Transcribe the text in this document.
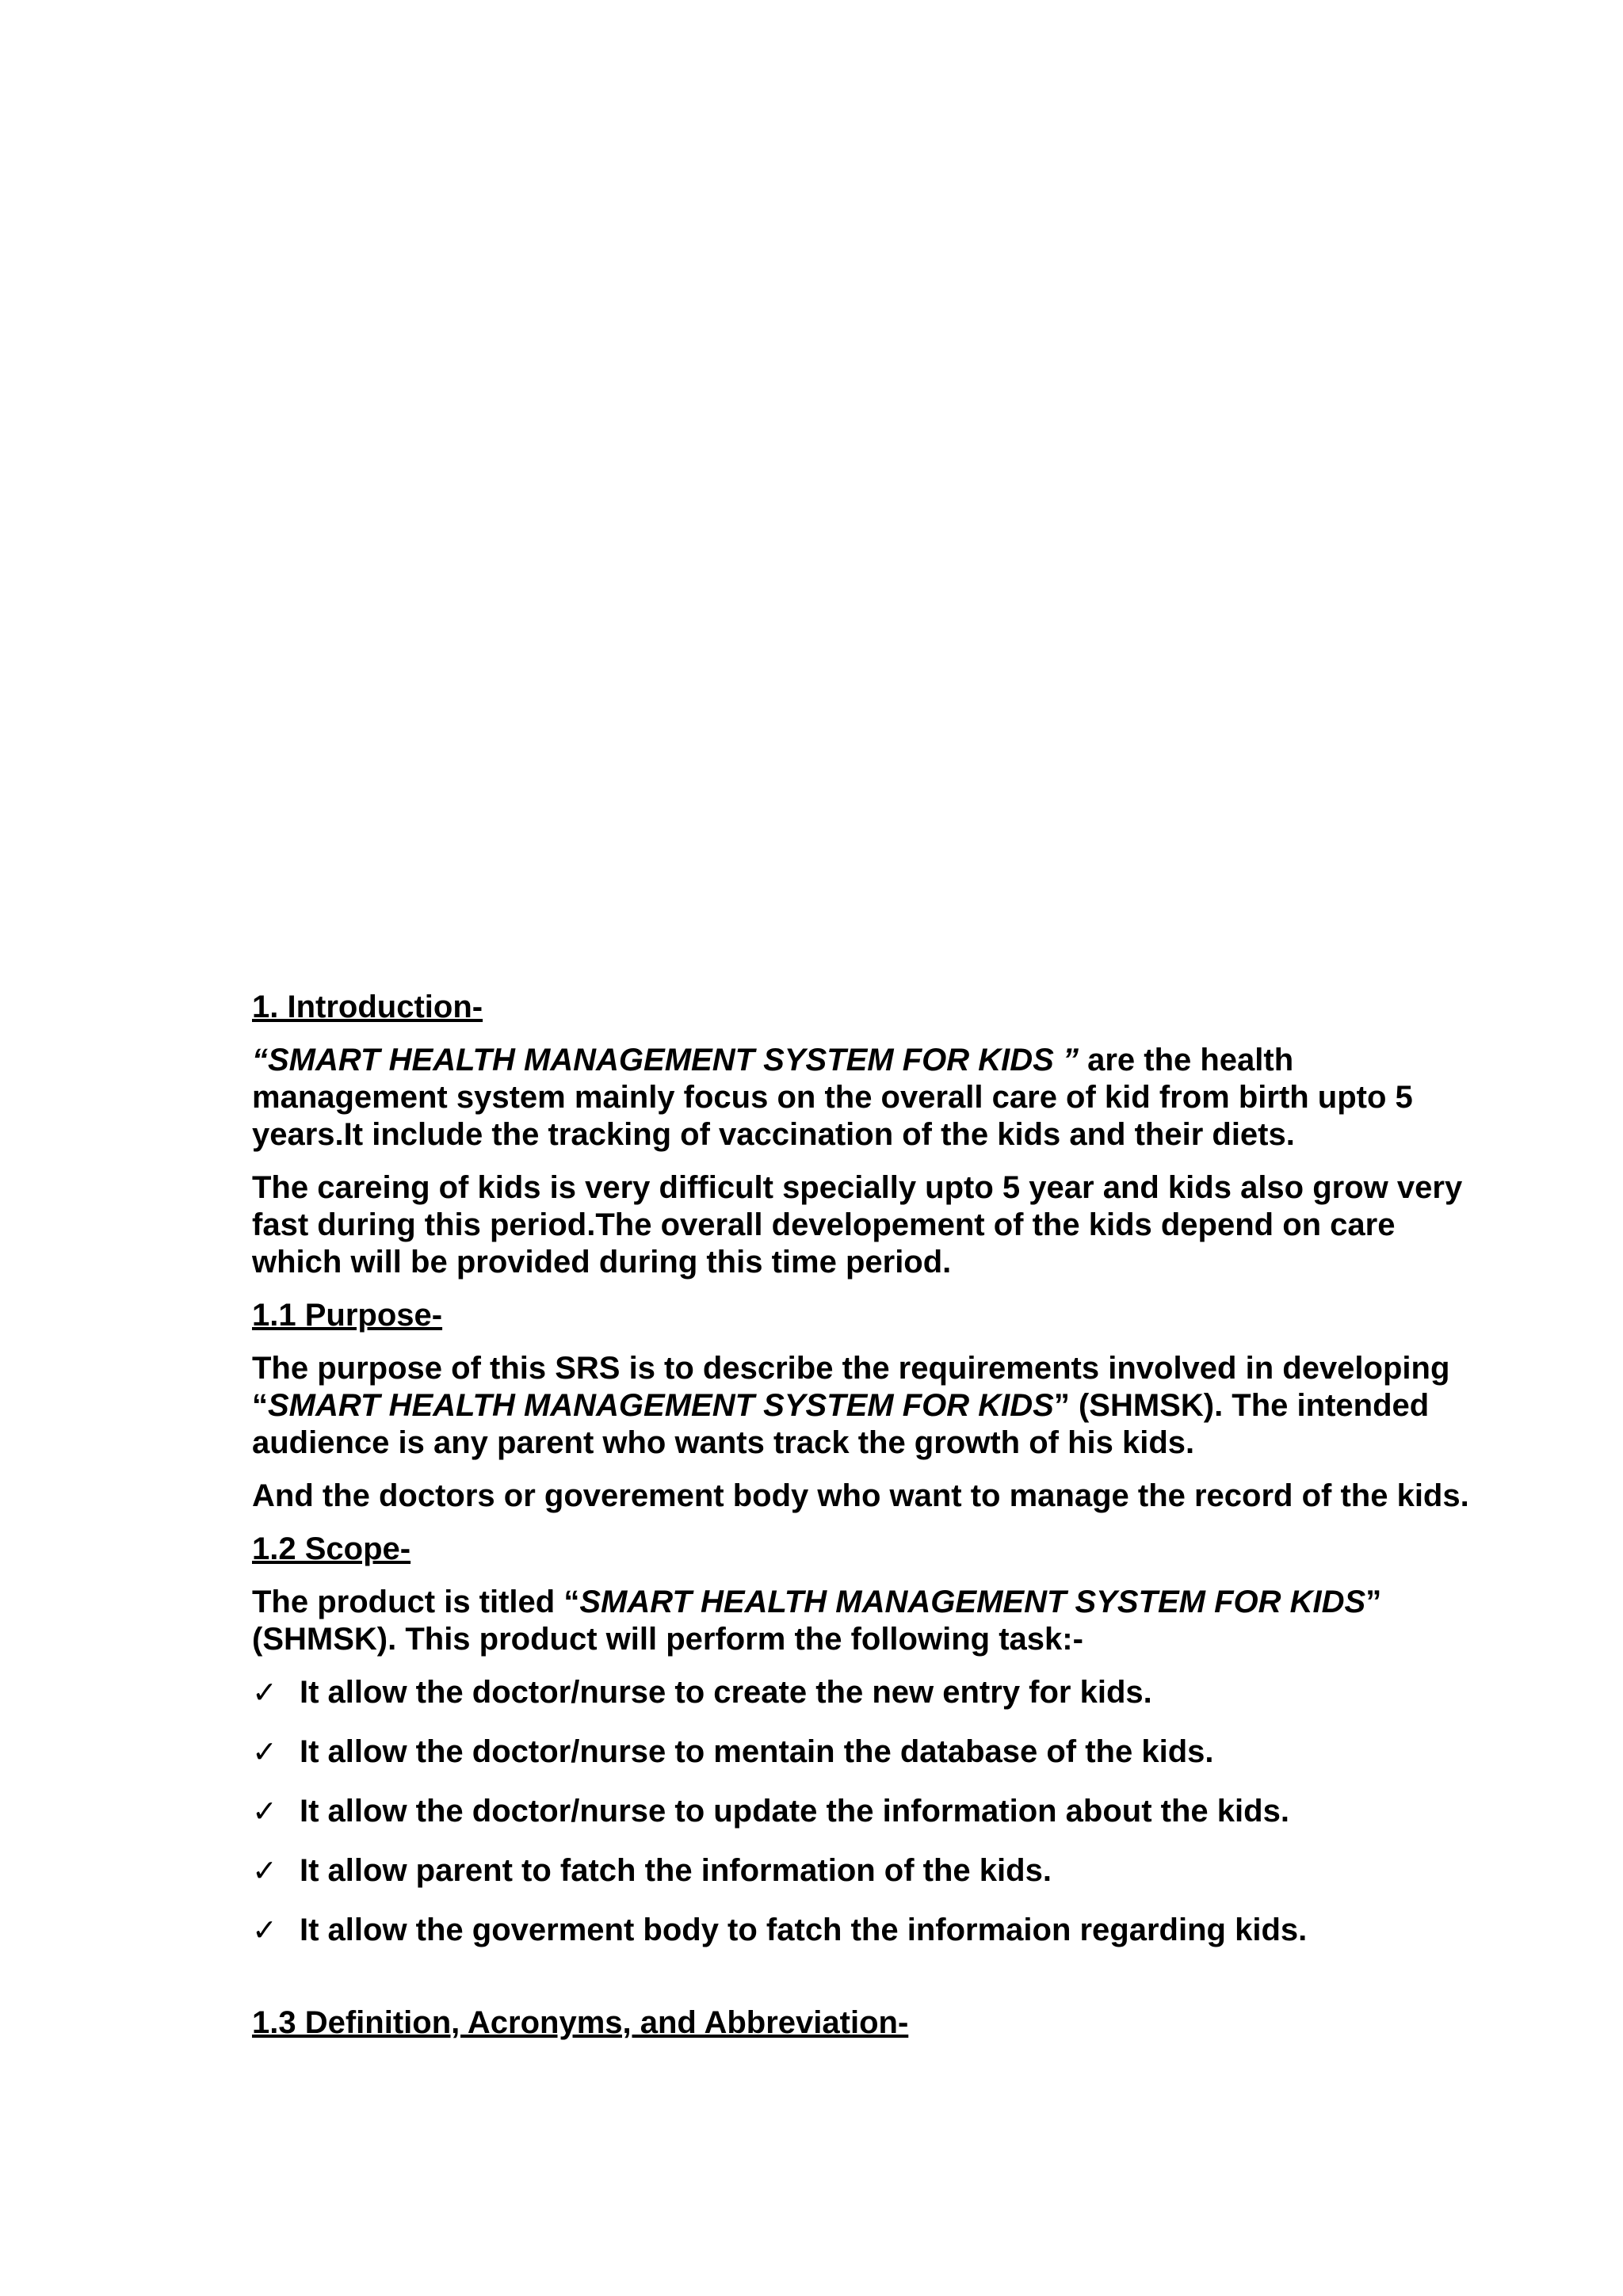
1. Introduction-

“SMART HEALTH MANAGEMENT SYSTEM FOR KIDS ” are the health management system mainly focus on the overall care of kid from birth upto 5 years.It include the tracking of vaccination of the kids and their diets.

The careing of kids is very difficult specially upto 5 year and kids also grow very fast during this period.The overall developement of the kids depend on care which will be provided during this time period.

1.1 Purpose-

The purpose of this SRS is to describe the requirements involved in developing “SMART HEALTH MANAGEMENT SYSTEM FOR KIDS” (SHMSK). The intended audience is any parent who wants track the growth of his kids.

And the doctors or goverement body who want to manage the record of the kids.

1.2 Scope-

The product is titled “SMART HEALTH MANAGEMENT SYSTEM FOR KIDS” (SHMSK). This product will perform the following task:-

✓ It allow the doctor/nurse to create the new entry for kids.
✓ It allow the doctor/nurse to mentain the database of the kids.
✓ It allow the doctor/nurse to update the information about the kids.
✓ It allow parent to fatch the information of the kids.
✓ It allow the goverment body to fatch the informaion regarding kids.
1.3 Definition, Acronyms, and Abbreviation-
